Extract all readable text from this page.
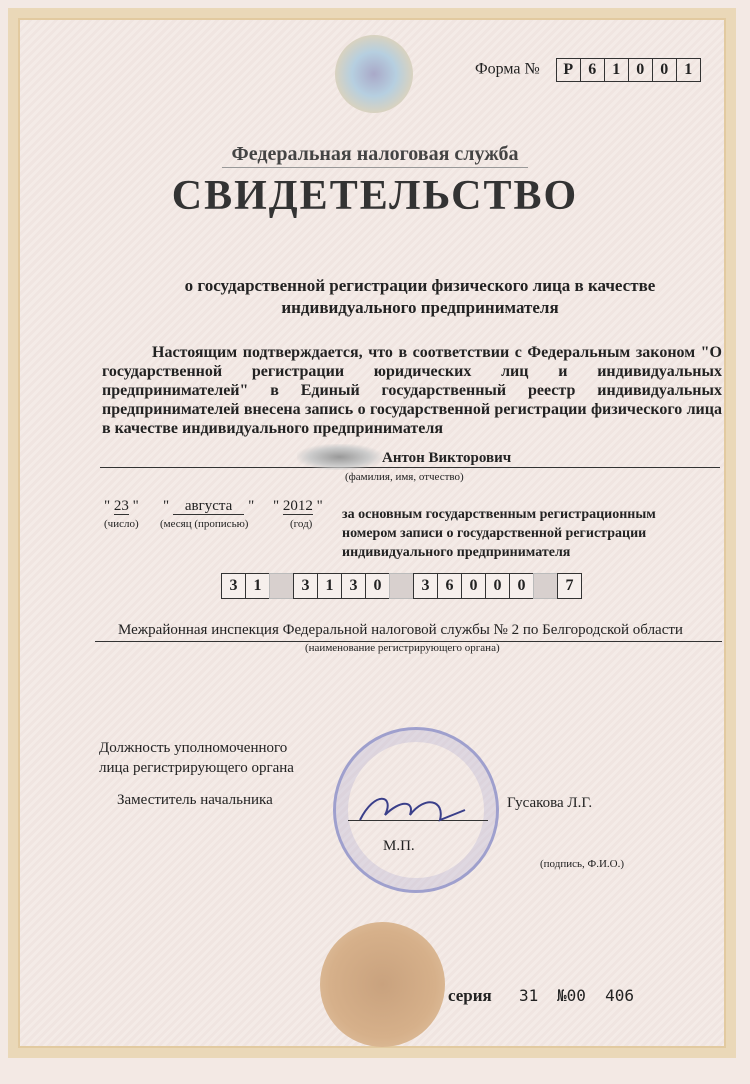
Форма №	Р 6	1	0	0	1
Федеральная налоговая служба
СВИДЕТЕЛЬСТВО
о государственной регистрации физического лица в качестве индивидуального предпринимателя
Настоящим подтверждается, что в соответствии с Федеральным законом "О государственной регистрации юридических лиц и индивидуальных предпринимателей" в Единый государственный реестр индивидуальных предпринимателей внесена запись о государственной регистрации физического лица в качестве индивидуального предпринимателя
Антон Викторович
(фамилия, имя, отчество)
" 23 "
(число)
" августа "
(месяц (прописью)
" 2012 "
(год)
за основным государственным регистрационным номером записи о государственной регистрации индивидуального предпринимателя
3	1	3	1	3	0	3	6	0	0	0	7
Межрайонная инспекция Федеральной налоговой службы № 2 по Белгородской области
(наименование регистрирующего органа)
Должность уполномоченного лица регистрирующего органа
Заместитель начальника	Гусакова Л.Г.
М.П.
(подпись, Ф.И.О.)
серия 31 №00  406
